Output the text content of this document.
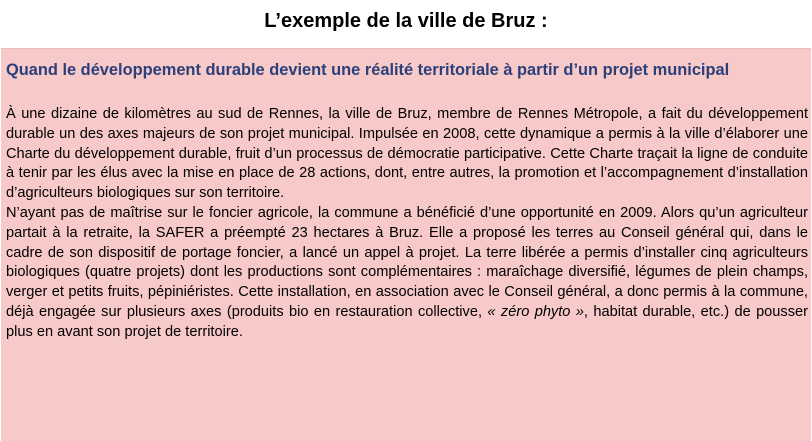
L’exemple de la ville de Bruz :
Quand le développement durable devient une réalité territoriale à partir d’un projet municipal

À une dizaine de kilomètres au sud de Rennes, la ville de Bruz, membre de Rennes Métropole, a fait du développement durable un des axes majeurs de son projet municipal. Impulsée en 2008, cette dynamique a permis à la ville d’élaborer une Charte du développement durable, fruit d’un processus de démocratie participative. Cette Charte traçait la ligne de conduite à tenir par les élus avec la mise en place de 28 actions, dont, entre autres, la promotion et l’accompagnement d’installation d’agriculteurs biologiques sur son territoire.

N’ayant pas de maîtrise sur le foncier agricole, la commune a bénéficié d’une opportunité en 2009. Alors qu’un agriculteur partait à la retraite, la SAFER a préempté 23 hectares à Bruz. Elle a proposé les terres au Conseil général qui, dans le cadre de son dispositif de portage foncier, a lancé un appel à projet. La terre libérée a permis d’installer cinq agriculteurs biologiques (quatre projets) dont les productions sont complémentaires : maraîchage diversifié, légumes de plein champs, verger et petits fruits, pépiniéristes. Cette installation, en association avec le Conseil général, a donc permis à la commune, déjà engagée sur plusieurs axes (produits bio en restauration collective, « zéro phyto », habitat durable, etc.) de pousser plus en avant son projet de territoire.
